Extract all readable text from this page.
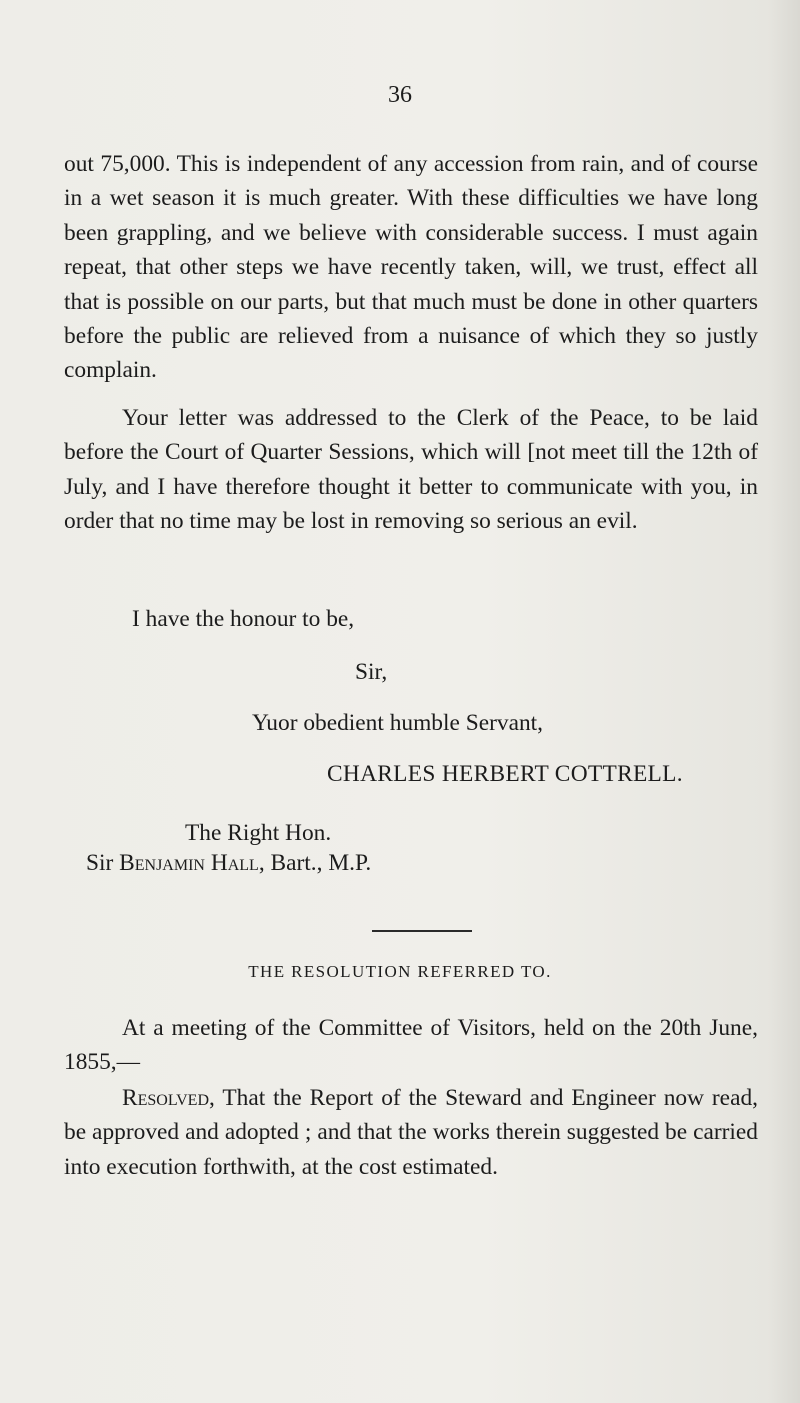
36

out 75,000. This is independent of any accession from rain, and of course in a wet season it is much greater. With these difficulties we have long been grappling, and we believe with considerable success. I must again repeat, that other steps we have recently taken, will, we trust, effect all that is possible on our parts, but that much must be done in other quarters before the public are relieved from a nuisance of which they so justly complain.

Your letter was addressed to the Clerk of the Peace, to be laid before the Court of Quarter Sessions, which will [not meet till the 12th of July, and I have therefore thought it better to communicate with you, in order that no time may be lost in removing so serious an evil.

I have the honour to be,

Sir,

Yuor obedient humble Servant,

CHARLES HERBERT COTTRELL.

The Right Hon.

Sir Benjamin Hall, Bart., M.P.

THE RESOLUTION REFERRED TO.

At a meeting of the Committee of Visitors, held on the 20th June, 1855,—

Resolved, That the Report of the Steward and Engineer now read, be approved and adopted ; and that the works therein suggested be carried into execution forthwith, at the cost estimated.
